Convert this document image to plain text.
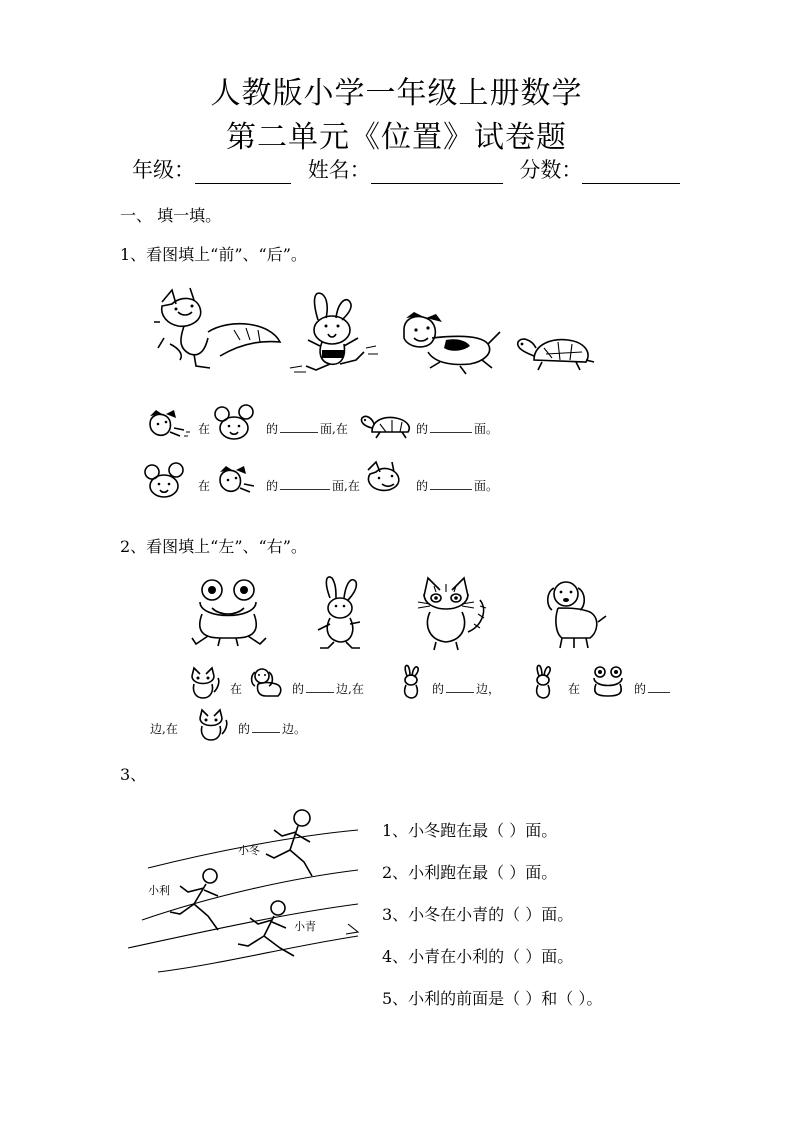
人教版小学一年级上册数学
第二单元《位置》试卷题
年级：	姓名：	分数：
一、 填一填。
1、看图填上“前”、“后”。
在	的	面,在	的	面。
在	的	面,在	的	面。
2、看图填上“左”、“右”。
在	的	边,在	的	边，	在	的
边,在	的	边。
3、
小冬
小利
小青
1、小冬跑在最（ ）面。
2、小利跑在最（ ）面。
3、小冬在小青的（ ）面。
4、小青在小利的（ ）面。
5、小利的前面是（ ）和（ ）。
